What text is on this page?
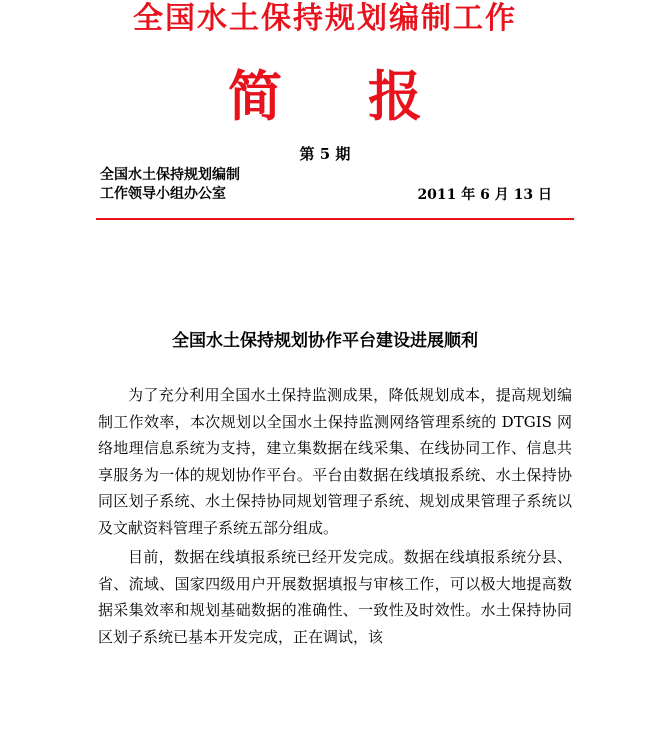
全国水土保持规划编制工作
简 报
第 5 期
全国水土保持规划编制
工作领导小组办公室	2011 年 6 月 13 日
全国水土保持规划协作平台建设进展顺利

为了充分利用全国水土保持监测成果，降低规划成本，提高规划编制工作效率，本次规划以全国水土保持监测网络管理系统的 DTGIS 网络地理信息系统为支持，建立集数据在线采集、在线协同工作、信息共享服务为一体的规划协作平台。平台由数据在线填报系统、水土保持协同区划子系统、水土保持协同规划管理子系统、规划成果管理子系统以及文献资料管理子系统五部分组成。

目前，数据在线填报系统已经开发完成。数据在线填报系统分县、省、流域、国家四级用户开展数据填报与审核工作，可以极大地提高数据采集效率和规划基础数据的准确性、一致性及时效性。水土保持协同区划子系统已基本开发完成，正在调试，该
